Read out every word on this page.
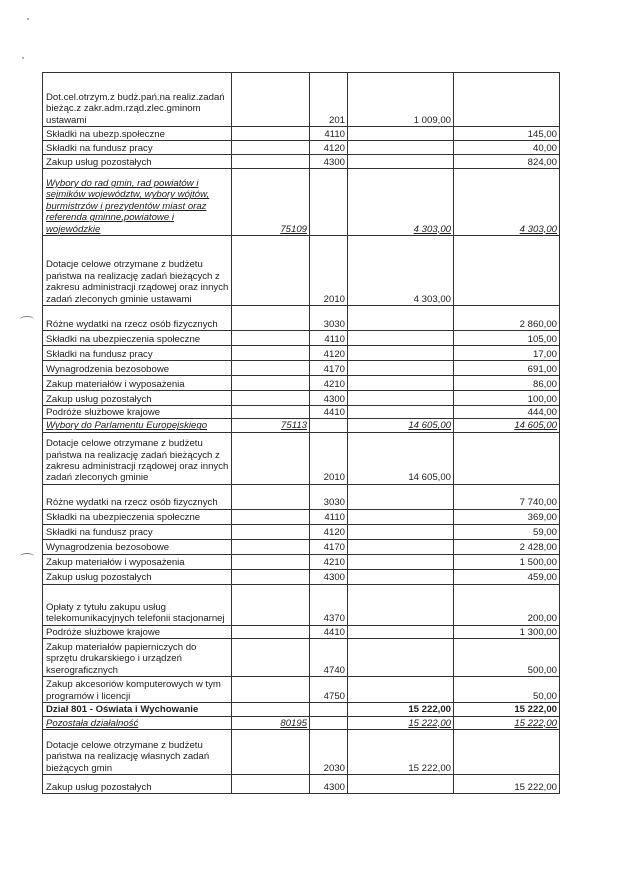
Dot.cel.otrzym.z budż.pań.na realiz.zadań bieżąc.z zakr.adm.rząd.zlec.gminom ustawami		201	1 009,00	
Składki na ubezp.społeczne		4110		145,00
Składki na fundusz pracy		4120		40,00
Zakup usług pozostałych		4300		824,00
Wybory do rad gmin, rad powiatów i sejmików województw, wybory wójtów, burmistrzów i prezydentów miast oraz referenda gminne,powiatowe i wojewódzkie	75109		4 303,00	4 303,00
Dotacje celowe otrzymane z budżetu państwa na realizację zadań bieżących z zakresu administracji rządowej oraz innych zadań zleconych gminie ustawami		2010	4 303,00	
Różne wydatki na rzecz osób fizycznych		3030		2 860,00
Składki na ubezpieczenia społeczne		4110		105,00
Składki na fundusz pracy		4120		17,00
Wynagrodzenia bezosobowe		4170		691,00
Zakup materiałów i wyposażenia		4210		86,00
Zakup usług pozostałych		4300		100,00
Podróże służbowe krajowe		4410		444,00
Wybory do Parlamentu Europejskiego	75113		14 605,00	14 605,00
Dotacje celowe otrzymane z budżetu państwa na realizację zadań bieżących z zakresu administracji rządowej oraz innych zadań zleconych gminie		2010	14 605,00	
Różne wydatki na rzecz osób fizycznych		3030		7 740,00
Składki na ubezpieczenia społeczne		4110		369,00
Składki na fundusz pracy		4120		59,00
Wynagrodzenia bezosobowe		4170		2 428,00
Zakup materiałów i wyposażenia		4210		1 500,00
Zakup usług pozostałych		4300		459,00
Opłaty z tytułu zakupu usług telekomunikacyjnych telefonii stacjonarnej		4370		200,00
Podróże służbowe krajowe		4410		1 300,00
Zakup materiałów papierniczych do sprzętu drukarskiego i urządzeń kserograficznych		4740		500,00
Zakup akcesoriów komputerowych w tym programów i licencji		4750		50,00
Dział 801 - Oświata i Wychowanie			15 222,00	15 222,00
Pozostała działalność	80195		15 222,00	15 222,00
Dotacje celowe otrzymane z budżetu państwa na realizację własnych zadań bieżących gmin		2030	15 222,00	
Zakup usług pozostałych		4300		15 222,00
